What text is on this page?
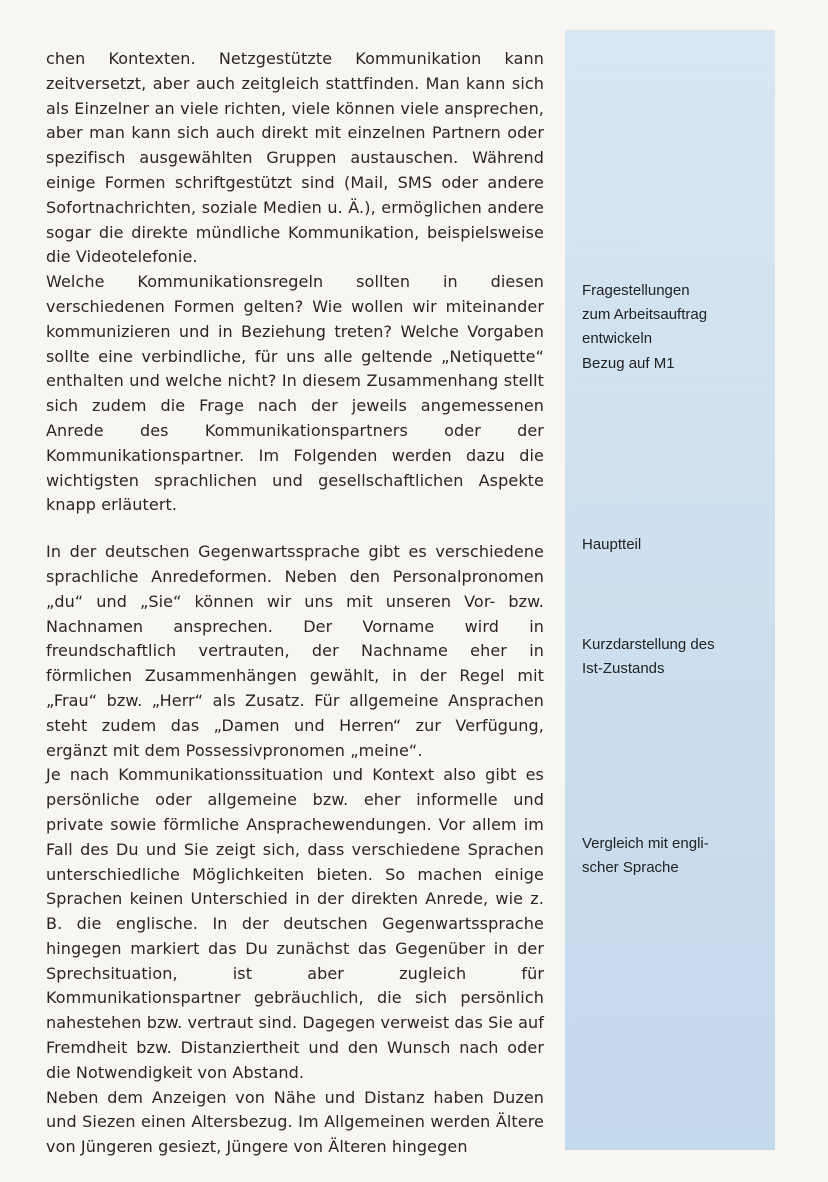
chen Kontexten. Netzgestützte Kommunikation kann zeitversetzt, aber auch zeitgleich stattfinden. Man kann sich als Einzelner an viele richten, viele können viele ansprechen, aber man kann sich auch direkt mit einzelnen Partnern oder spezifisch ausgewählten Gruppen austauschen. Während einige Formen schriftgestützt sind (Mail, SMS oder andere Sofortnachrichten, soziale Medien u. Ä.), ermöglichen andere sogar die direkte mündliche Kommunikation, beispielsweise die Videotelefonie.

Welche Kommunikationsregeln sollten in diesen verschiedenen Formen gelten? Wie wollen wir miteinander kommunizieren und in Beziehung treten? Welche Vorgaben sollte eine verbindliche, für uns alle geltende „Netiquette“ enthalten und welche nicht? In diesem Zusammenhang stellt sich zudem die Frage nach der jeweils angemessenen Anrede des Kommunikationspartners oder der Kommunikationspartner. Im Folgenden werden dazu die wichtigsten sprachlichen und gesellschaftlichen Aspekte knapp erläutert.

In der deutschen Gegenwartssprache gibt es verschiedene sprachliche Anredeformen. Neben den Personalpronomen „du“ und „Sie“ können wir uns mit unseren Vor- bzw. Nachnamen ansprechen. Der Vorname wird in freundschaftlich vertrauten, der Nachname eher in förmlichen Zusammenhängen gewählt, in der Regel mit „Frau“ bzw. „Herr“ als Zusatz. Für allgemeine Ansprachen steht zudem das „Damen und Herren“ zur Verfügung, ergänzt mit dem Possessivpronomen „meine“.

Je nach Kommunikationssituation und Kontext also gibt es persönliche oder allgemeine bzw. eher informelle und private sowie förmliche Ansprachewendungen. Vor allem im Fall des Du und Sie zeigt sich, dass verschiedene Sprachen unterschiedliche Möglichkeiten bieten. So machen einige Sprachen keinen Unterschied in der direkten Anrede, wie z. B. die englische. In der deutschen Gegenwartssprache hingegen markiert das Du zunächst das Gegenüber in der Sprechsituation, ist aber zugleich für Kommunikationspartner gebräuchlich, die sich persönlich nahestehen bzw. vertraut sind. Dagegen verweist das Sie auf Fremdheit bzw. Distanziertheit und den Wunsch nach oder die Notwendigkeit von Abstand.

Neben dem Anzeigen von Nähe und Distanz haben Duzen und Siezen einen Altersbezug. Im Allgemeinen werden Ältere von Jüngeren gesiezt, Jüngere von Älteren hingegen

Fragestellungen
zum Arbeitsauftrag
entwickeln
Bezug auf M1
Hauptteil
Kurzdarstellung des
Ist-Zustands
Vergleich mit engli-
scher Sprache
